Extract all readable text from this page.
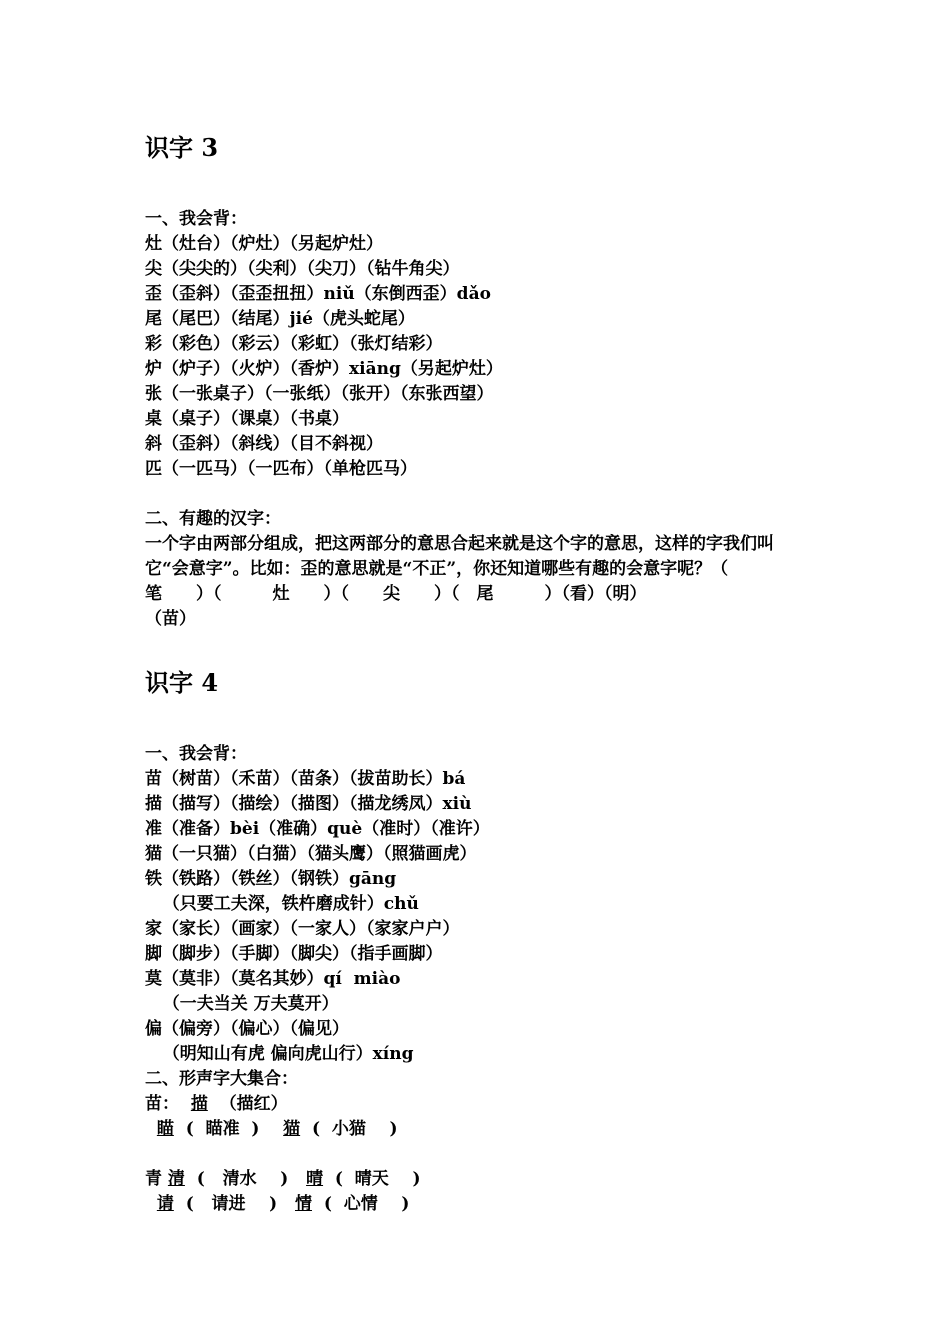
识字 3
一、我会背：
灶（灶台）（炉灶）（另起炉灶）
尖（尖尖的）（尖利）（尖刀）（钻牛角尖）
歪（歪斜）（歪歪扭扭）niǔ（东倒西歪）dǎo
尾（尾巴）（结尾）jié（虎头蛇尾）
彩（彩色）（彩云）（彩虹）（张灯结彩）
炉（炉子）（火炉）（香炉）xiāng（另起炉灶）
张（一张桌子）（一张纸）（张开）（东张西望）
桌（桌子）（课桌）（书桌）
斜（歪斜）（斜线）（目不斜视）
匹（一匹马）（一匹布）（单枪匹马）
二、有趣的汉字：
一个字由两部分组成，把这两部分的意思合起来就是这个字的意思，这样的字我们叫它“会意字”。比如：歪的意思就是“不正”，你还知道哪些有趣的会意字呢？（　　笔　　）（　　　灶　　）（　　尖　　）（　尾　　　）（看）（明）
（苗）
识字 4
一、我会背：
苗（树苗）（禾苗）（苗条）（拔苗助长）bá
描（描写）（描绘）（描图）（描龙绣凤）xiù
准（准备）bèi（准确）què（准时）（准许）
猫（一只猫）（白猫）（猫头鹰）（照猫画虎）
铁（铁路）（铁丝）（钢铁）gāng
（只要工夫深，铁杵磨成针）chǔ
家（家长）（画家）（一家人）（家家户户）
脚（脚步）（手脚）（脚尖）（指手画脚）
莫（莫非）（莫名其妙）qí  miào
（一夫当关 万夫莫开）
偏（偏旁）（偏心）（偏见）
（明知山有虎 偏向虎山行）xíng
二、形声字大集合：
苗： 描 （描红）
瞄 (  瞄准  ) 猫 (  小猫    )
青 清 (   清水    ) 晴 (  晴天    )
请 (   请进    ) 情 (  心情    )
